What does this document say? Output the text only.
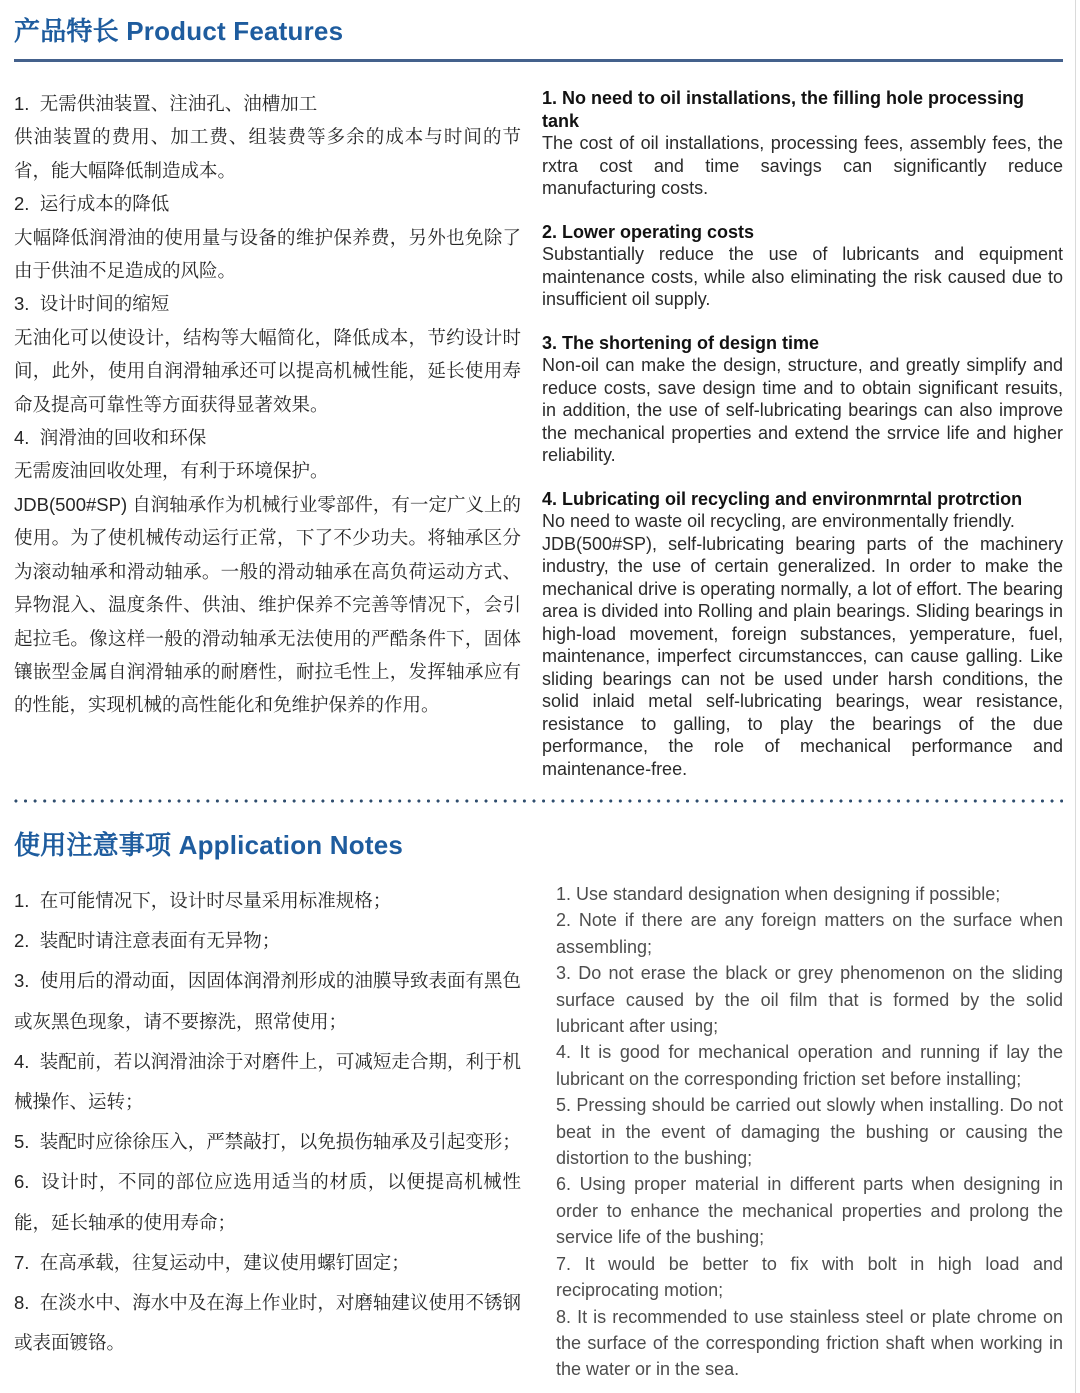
产品特长 Product Features

1.  无需供油装置、注油孔、油槽加工

供油装置的费用、加工费、组装费等多余的成本与时间的节省，能大幅降低制造成本。

2.  运行成本的降低

大幅降低润滑油的使用量与设备的维护保养费，另外也免除了由于供油不足造成的风险。

3.  设计时间的缩短

无油化可以使设计，结构等大幅简化，降低成本，节约设计时间，此外，使用自润滑轴承还可以提高机械性能，延长使用寿命及提高可靠性等方面获得显著效果。

4.  润滑油的回收和环保

无需废油回收处理，有利于环境保护。

JDB(500#SP) 自润轴承作为机械行业零部件，有一定广义上的使用。为了使机械传动运行正常，下了不少功夫。将轴承区分为滚动轴承和滑动轴承。一般的滑动轴承在高负荷运动方式、异物混入、温度条件、供油、维护保养不完善等情况下，会引起拉毛。像这样一般的滑动轴承无法使用的严酷条件下，固体镶嵌型金属自润滑轴承的耐磨性，耐拉毛性上，发挥轴承应有的性能，实现机械的高性能化和免维护保养的作用。

1. No need to oil installations, the filling hole processing tank

The cost of oil installations, processing fees, assembly fees, the rxtra cost and time savings can significantly reduce manufacturing costs.

2. Lower operating costs

Substantially reduce the use of lubricants and equipment maintenance costs, while also eliminating the risk caused due to insufficient oil supply.

3. The shortening of design time

Non-oil can make the design, structure, and greatly simplify and reduce costs, save design time and to obtain significant resuits, in addition, the use of self-lubricating bearings can also improve the mechanical properties and extend the srrvice life and higher reliability.

4. Lubricating oil recycling and environmrntal protrction

No need to waste oil recycling, are environmentally friendly.

JDB(500#SP), self-lubricating bearing parts of the machinery industry, the use of certain generalized. In order to make the mechanical drive is operating normally, a lot of effort. The bearing area is divided into Rolling and plain bearings. Sliding bearings in high-load movement, foreign substances, yemperature, fuel, maintenance, imperfect circumstancces, can cause galling. Like sliding bearings can not be used under harsh conditions, the solid inlaid metal self-lubricating bearings, wear resistance, resistance to galling, to play the bearings of the due performance, the role of mechanical performance and maintenance-free.

使用注意事项 Application Notes

1.  在可能情况下，设计时尽量采用标准规格；

2.  装配时请注意表面有无异物；

3.  使用后的滑动面，因固体润滑剂形成的油膜导致表面有黑色或灰黑色现象，请不要擦洗，照常使用；

4.  装配前，若以润滑油涂于对磨件上，可减短走合期，利于机械操作、运转；

5.  装配时应徐徐压入，严禁敲打，以免损伤轴承及引起变形；

6.  设计时，不同的部位应选用适当的材质，以便提高机械性能，延长轴承的使用寿命；

7.  在高承载，往复运动中，建议使用螺钉固定；

8.  在淡水中、海水中及在海上作业时，对磨轴建议使用不锈钢或表面镀铬。

1. Use standard designation when designing if possible;

2. Note if there are any foreign matters on the surface when assembling;

3. Do not erase the black or grey phenomenon on the sliding surface caused by the oil film that is formed by the solid lubricant after using;

4. It is good for mechanical operation and running if lay the lubricant on the corresponding friction set before installing;

5. Pressing should be carried out slowly when installing. Do not beat in the event of damaging the bushing or causing the distortion to the bushing;

6. Using proper material in different parts when designing in order to enhance the mechanical properties and prolong the service life of the bushing;

7. It would be better to fix with bolt in high load and reciprocating motion;

8. It is recommended to use stainless steel or plate chrome on the surface of the corresponding friction shaft when working in the water or in the sea.
